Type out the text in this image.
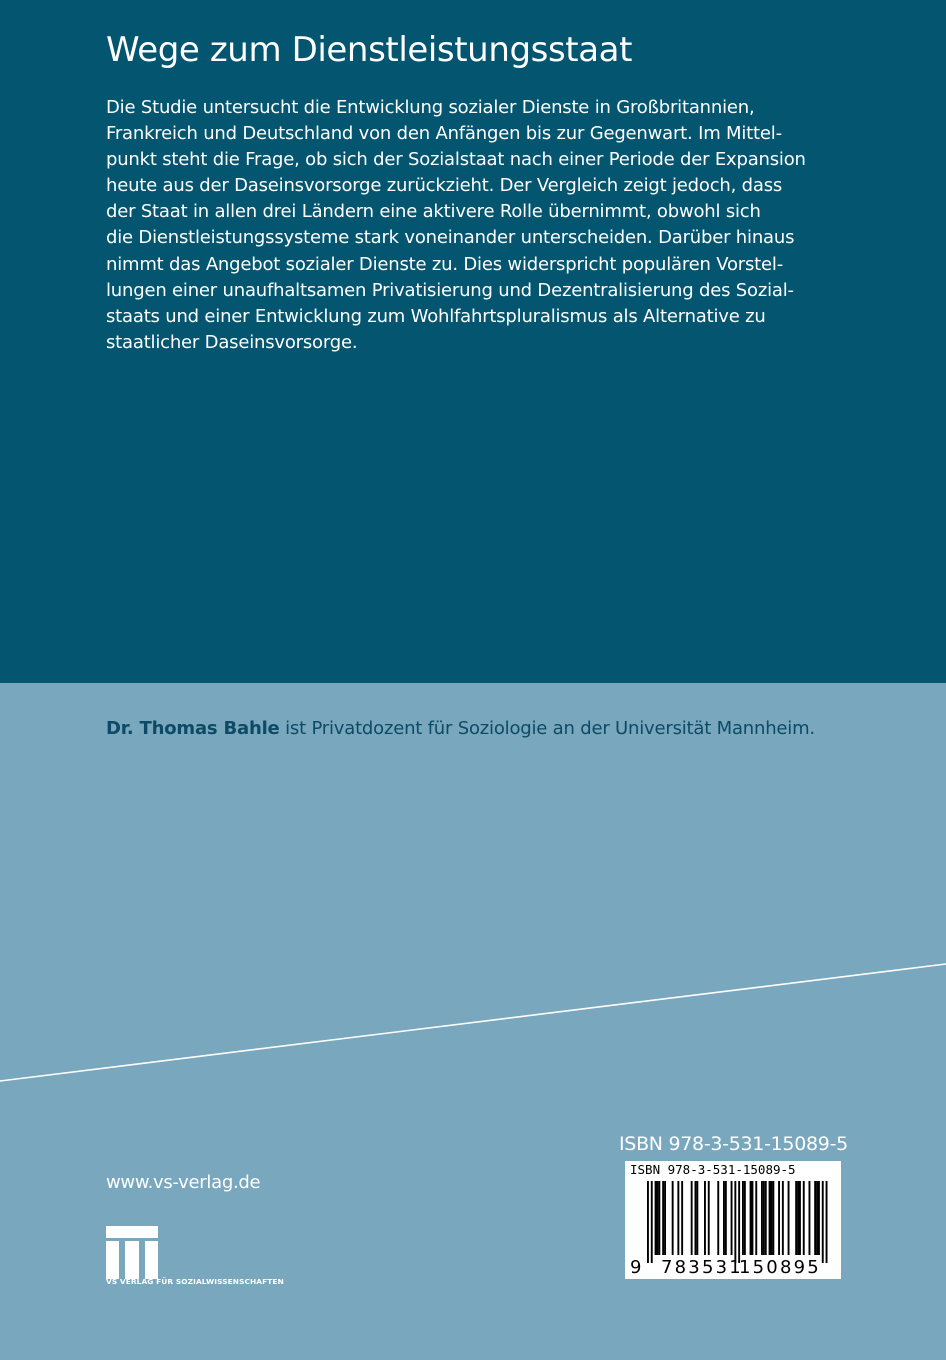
Wege zum Dienstleistungsstaat
Die Studie untersucht die Entwicklung sozialer Dienste in Großbritannien,
Frankreich und Deutschland von den Anfängen bis zur Gegenwart. Im Mittel-
punkt steht die Frage, ob sich der Sozialstaat nach einer Periode der Expansion
heute aus der Daseinsvorsorge zurückzieht. Der Vergleich zeigt jedoch, dass
der Staat in allen drei Ländern eine aktivere Rolle übernimmt, obwohl sich
die Dienstleistungssysteme stark voneinander unterscheiden. Darüber hinaus
nimmt das Angebot sozialer Dienste zu. Dies widerspricht populären Vorstel-
lungen einer unaufhaltsamen Privatisierung und Dezentralisierung des Sozial-
staats und einer Entwicklung zum Wohlfahrtspluralismus als Alternative zu
staatlicher Daseinsvorsorge.
Dr. Thomas Bahle ist Privatdozent für Soziologie an der Universität Mannheim.
ISBN 978-3-531-15089-5
www.vs-verlag.de
VS VERLAG FÜR SOZIALWISSENSCHAFTEN
ISBN 978-3-531-15089-5
9 783531
150895
